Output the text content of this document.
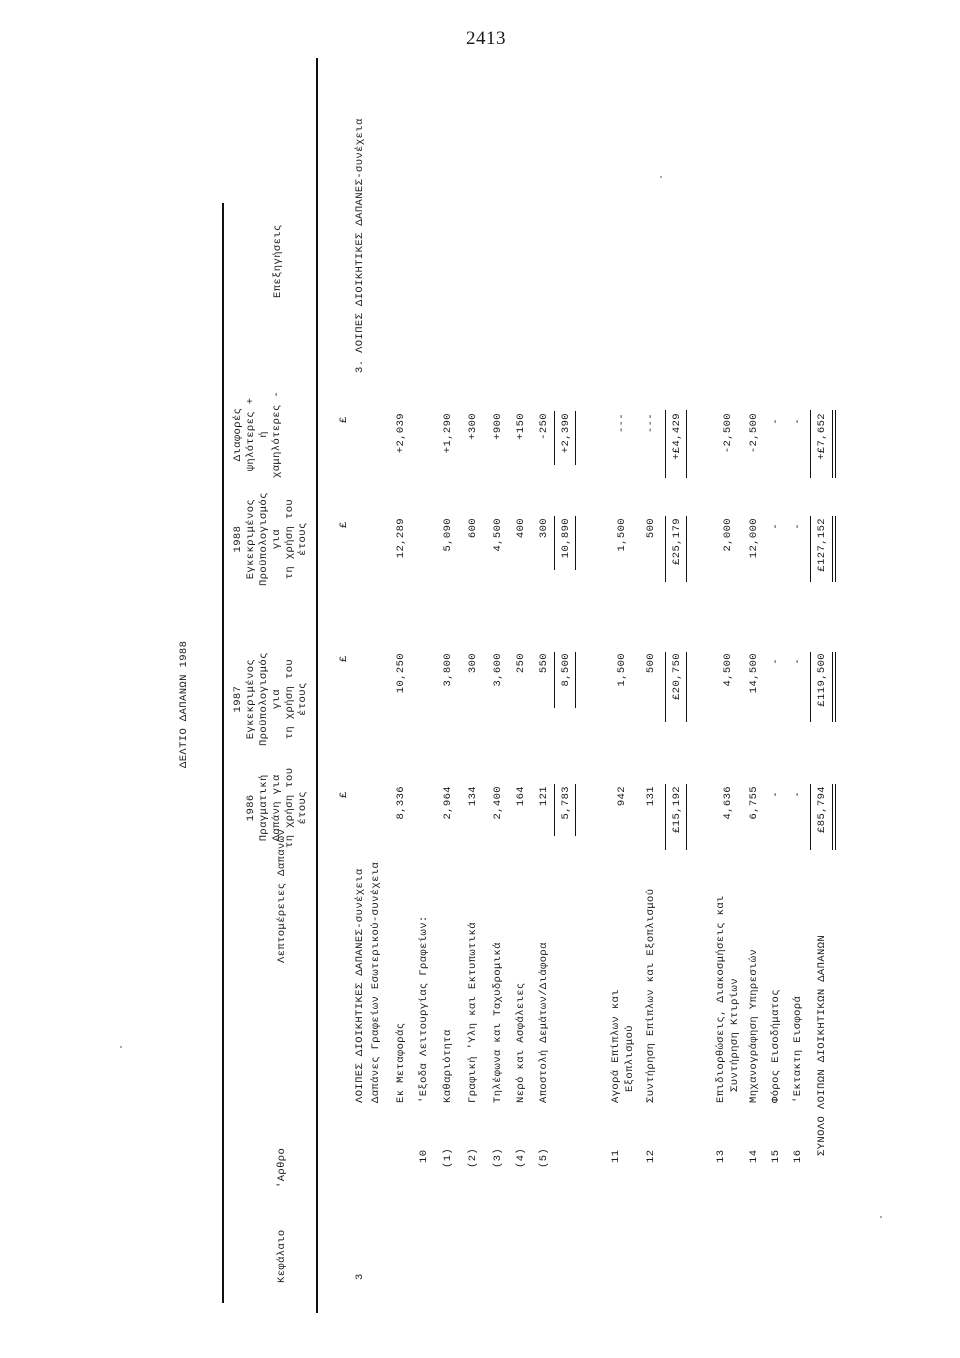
2413
ΔΕΛΤΙΟ ΔΑΠΑΝΩΝ 1988
Κεφάλαιο
'Αρθρο
Λεπτομέρειες Δαπανών
1986 Πραγματική Δαπάνη για τη χρήση του έτους
1987 Εγκεκριμένος Προϋπολογισμός για τη χρήση του έτους
1988 Εγκεκριμένος Προϋπολογισμός για τη χρήση του έτους
Διαφορές ψηλότερες + ή χαμηλότερες -
Επεξηγήσεις
£
£
£
£
3
ΛΟΙΠΕΣ ΔΙΟΙΚΗΤΙΚΕΣ ΔΑΠΑΝΕΣ-συνέχεια Δαπάνες Γραφείων Εσωτερικού-συνέχεια
3. ΛΟΙΠΕΣ ΔΙΟΙΚΗΤΙΚΕΣ ΔΑΠΑΝΕΣ-συνέχεια
Εκ Μεταφοράς
8,336
10,250
12,289
+2,039
10
'Εξοδα Λειτουργίας Γραφείων:
(1)
Καθαριότητα
2,964
3,800
5,090
+1,290
(2)
Γραφική 'Υλη και Εκτυπωτικά
134
300
600
+300
(3)
Τηλέφωνα και Ταχυδρομικά
2,400
3,600
4,500
+900
(4)
Νερό και Ασφάλειες
164
250
400
+150
(5)
Αποστολή Δεμάτων/Διάφορα
121
550
300
-250
5,783
8,500
10,890
+2,390
11
Αγορά Επίπλων και Εξοπλισμού
942
1,500
1,500
---
12
Συντήρηση Επίπλων και Εξοπλισμού
131
500
500
---
£15,192
£20,750
£25,179
+£4,429
13
Επιδιορθώσεις, Διακοσμήσεις και Συντήρηση Κτιρίων
4,636
4,500
2,000
-2,500
14
Μηχανογράφηση Υπηρεσιών
6,755
14,500
12,000
-2,500
15
Φόρος Εισοδήματος
-
-
-
-
16
'Εκτακτη Εισφορά
-
-
-
-
ΣΥΝΟΛΟ ΛΟΙΠΩΝ ΔΙΟΙΚΗΤΙΚΩΝ ΔΑΠΑΝΩΝ
£85,794
£119,500
£127,152
+£7,652
